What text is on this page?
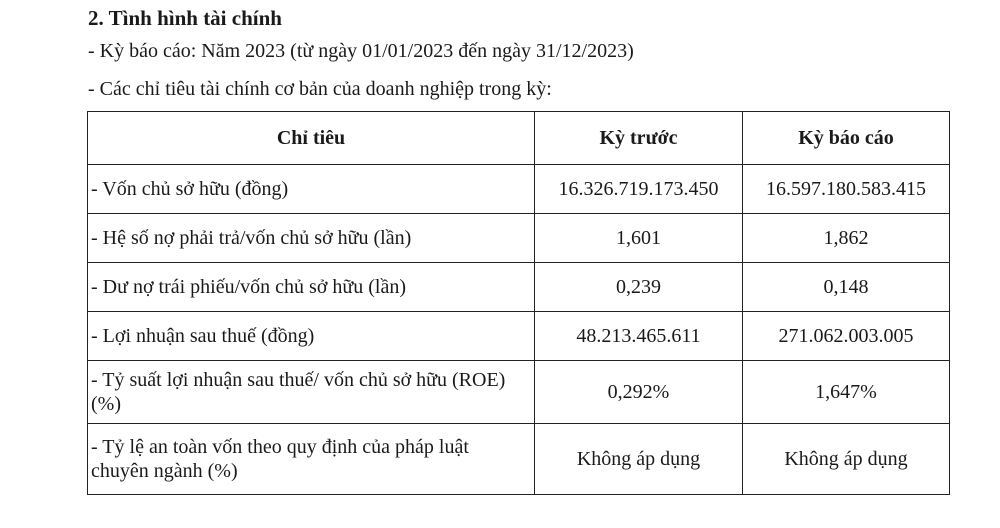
2. Tình hình tài chính
- Kỳ báo cáo: Năm 2023 (từ ngày 01/01/2023 đến ngày 31/12/2023)
- Các chỉ tiêu tài chính cơ bản của doanh nghiệp trong kỳ:
Chỉ tiêu	Kỳ trước	Kỳ báo cáo
- Vốn chủ sở hữu (đồng)	16.326.719.173.450	16.597.180.583.415
- Hệ số nợ phải trả/vốn chủ sở hữu (lần)	1,601	1,862
- Dư nợ trái phiếu/vốn chủ sở hữu (lần)	0,239	0,148
- Lợi nhuận sau thuế (đồng)	48.213.465.611	271.062.003.005
- Tỷ suất lợi nhuận sau thuế/ vốn chủ sở hữu (ROE) (%)	0,292%	1,647%
- Tỷ lệ an toàn vốn theo quy định của pháp luật chuyên ngành (%)	Không áp dụng	Không áp dụng
